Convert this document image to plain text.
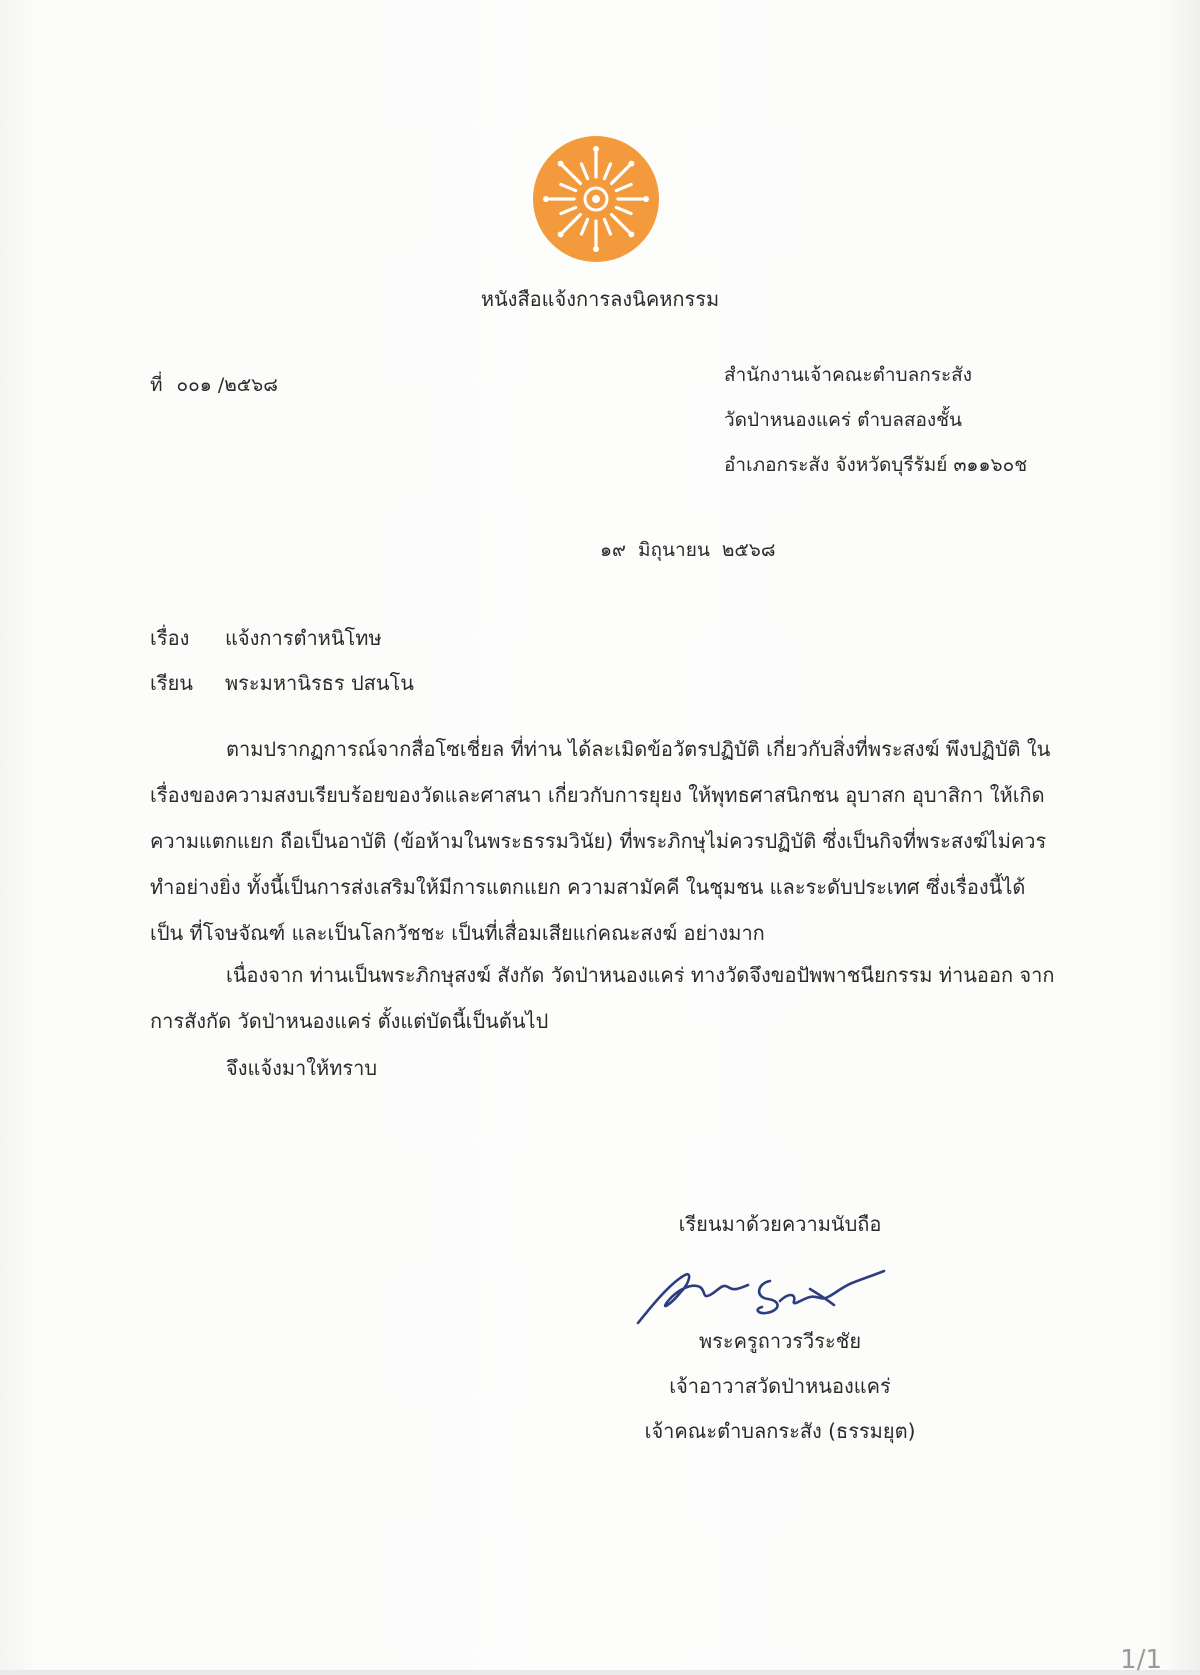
หนังสือแจ้งการลงนิคหกรรม
ที่ ๐๐๑ /๒๕๖๘	สำนักงานเจ้าคณะตำบลกระสัง
วัดป่าหนองแคร่ ตำบลสองชั้น
อำเภอกระสัง จังหวัดบุรีรัมย์ ๓๑๑๖๐ช
๑๙ มิถุนายน ๒๕๖๘
เรื่อง แจ้งการตำหนิโทษ
เรียน พระมหานิรธร ปสนโน
ตามปรากฏการณ์จากสื่อโซเชี่ยล ที่ท่าน ได้ละเมิดข้อวัตรปฏิบัติ เกี่ยวกับสิ่งที่พระสงฆ์ พึงปฏิบัติ ใน เรื่องของความสงบเรียบร้อยของวัดและศาสนา เกี่ยวกับการยุยง ให้พุทธศาสนิกชน อุบาสก อุบาสิกา ให้เกิด ความแตกแยก ถือเป็นอาบัติ (ข้อห้ามในพระธรรมวินัย) ที่พระภิกษุไม่ควรปฏิบัติ ซึ่งเป็นกิจที่พระสงฆ์ไม่ควร ทำอย่างยิ่ง ทั้งนี้เป็นการส่งเสริมให้มีการแตกแยก ความสามัคคี ในชุมชน และระดับประเทศ ซึ่งเรื่องนี้ได้เป็น ที่โจษจัณฑ์ และเป็นโลกวัชชะ เป็นที่เสื่อมเสียแก่คณะสงฆ์ อย่างมาก
เนื่องจาก ท่านเป็นพระภิกษุสงฆ์ สังกัด วัดป่าหนองแคร่ ทางวัดจึงขอปัพพาชนียกรรม ท่านออก จากการสังกัด วัดป่าหนองแคร่ ตั้งแต่บัดนี้เป็นต้นไป
จึงแจ้งมาให้ทราบ
เรียนมาด้วยความนับถือ
พระครูถาวรวีระชัย
เจ้าอาวาสวัดป่าหนองแคร่
เจ้าคณะตำบลกระสัง (ธรรมยุต)
1/1
